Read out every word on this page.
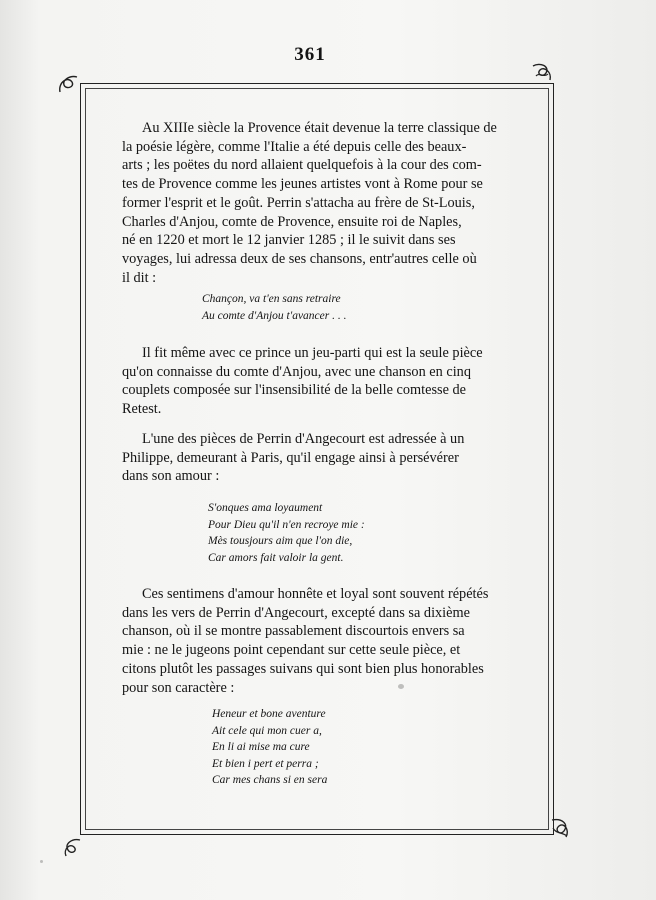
361
Au XIIIe siècle la Provence était devenue la terre classique de
la poésie légère, comme l'Italie a été depuis celle des beaux-
arts ; les poëtes du nord allaient quelquefois à la cour des com-
tes de Provence comme les jeunes artistes vont à Rome pour se
former l'esprit et le goût. Perrin s'attacha au frère de St-Louis,
Charles d'Anjou, comte de Provence, ensuite roi de Naples,
né en 1220 et mort le 12 janvier 1285 ; il le suivit dans ses
voyages, lui adressa deux de ses chansons, entr'autres celle où
il dit :
Chançon, va t'en sans retraire
Au comte d'Anjou t'avancer . . .
Il fit même avec ce prince un jeu-parti qui est la seule pièce
qu'on connaisse du comte d'Anjou, avec une chanson en cinq
couplets composée sur l'insensibilité de la belle comtesse de
Retest.
L'une des pièces de Perrin d'Angecourt est adressée à un
Philippe, demeurant à Paris, qu'il engage ainsi à persévérer
dans son amour :
S'onques ama loyaument
Pour Dieu qu'il n'en recroye mie :
Mès tousjours aim que l'on die,
Car amors fait valoir la gent.
Ces sentimens d'amour honnête et loyal sont souvent répétés
dans les vers de Perrin d'Angecourt, excepté dans sa dixième
chanson, où il se montre passablement discourtois envers sa
mie : ne le jugeons point cependant sur cette seule pièce, et
citons plutôt les passages suivans qui sont bien plus honorables
pour son caractère :
Heneur et bone aventure
Ait cele qui mon cuer a,
En li ai mise ma cure
Et bien i pert et perra ;
Car mes chans si en sera
